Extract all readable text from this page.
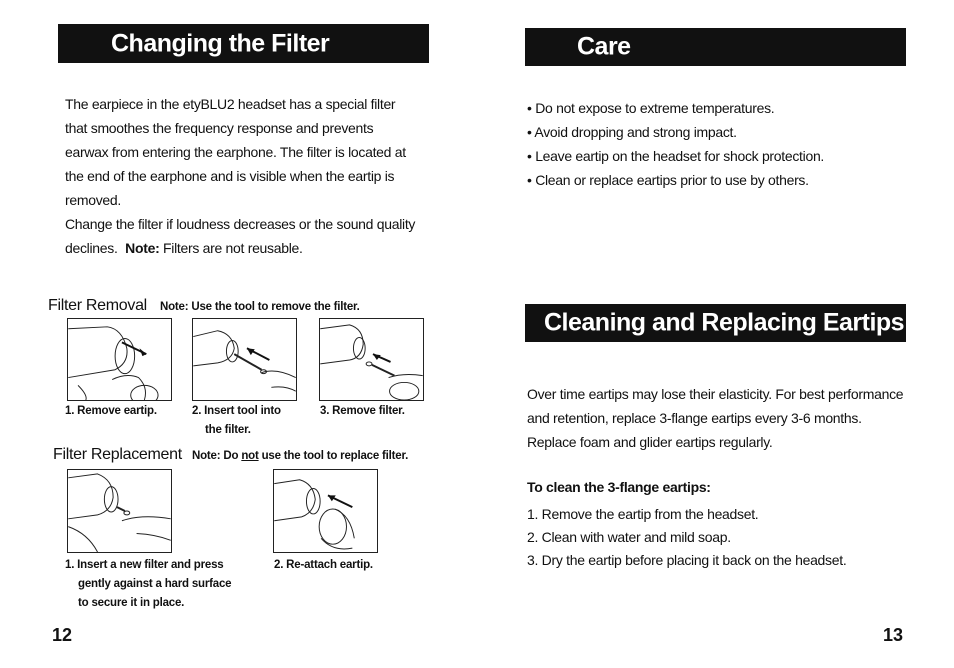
Changing the Filter

The earpiece in the etyBLU2 headset has a special filter that smoothes the frequency response and prevents earwax from entering the earphone. The filter is located at the end of the earphone and is visible when the eartip is removed.

Change the filter if loudness decreases or the sound quality declines. Note: Filters are not reusable.

Filter Removal Note: Use the tool to remove the filter.
1. Remove eartip.	2. Insert tool into
the filter.
3. Remove filter.
Filter Replacement Note: Do not use the tool to replace filter.
1. Insert a new filter and press
gently against a hard surface
to secure it in place.
2. Re-attach eartip.
12
Care
• Do not expose to extreme temperatures.
• Avoid dropping and strong impact.
• Leave eartip on the headset for shock protection.
• Clean or replace eartips prior to use by others.
Cleaning and Replacing Eartips

Over time eartips may lose their elasticity. For best performance and retention, replace 3-flange eartips every 3-6 months. Replace foam and glider eartips regularly.

To clean the 3-flange eartips:
1. Remove the eartip from the headset.
2. Clean with water and mild soap.
3. Dry the eartip before placing it back on the headset.
13
